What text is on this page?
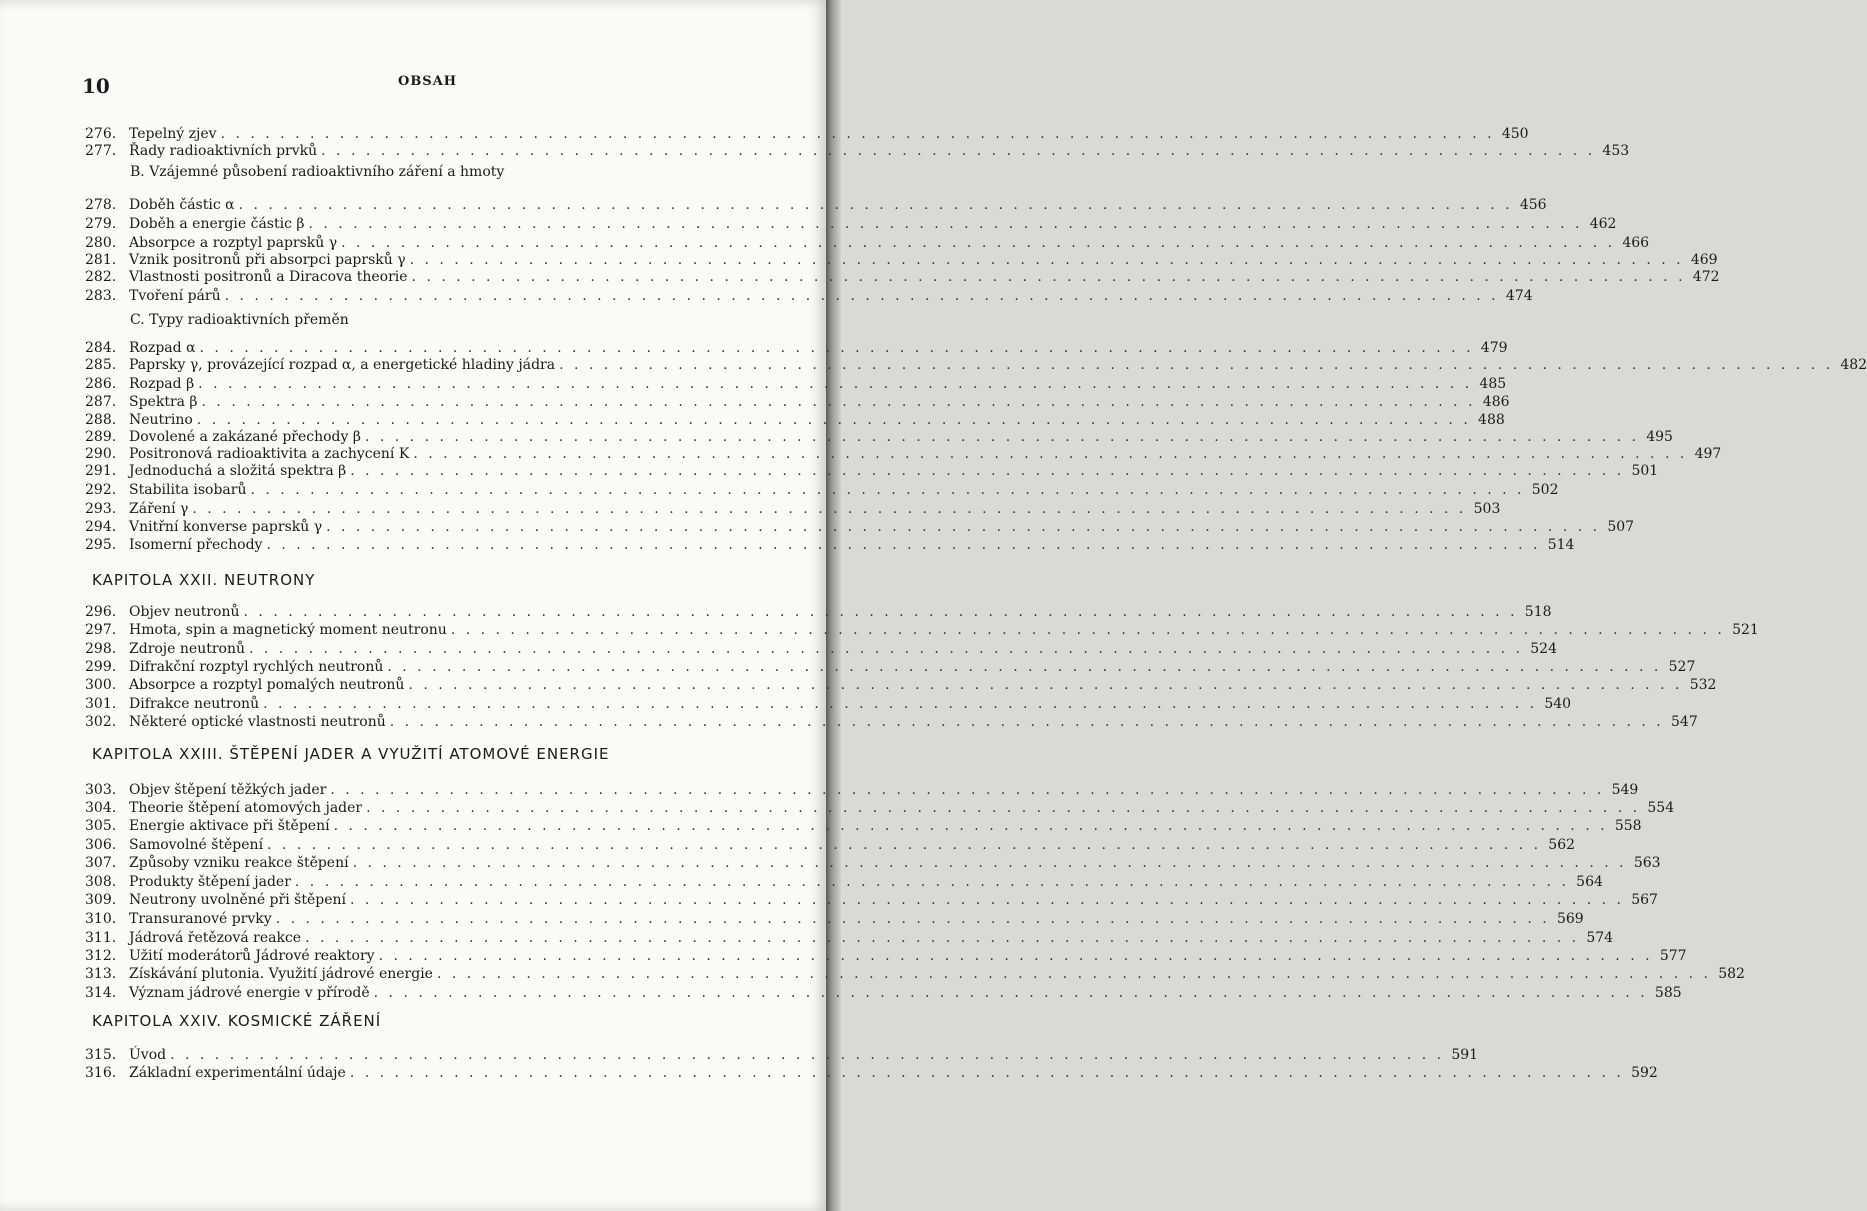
10	OBSAH
276. Tepelný zjev . . . . . . . . . . . . . . . . . . . . . . . . . . . . . . . . . . . . . . . . . . . . . . . . . . . . . . . . . . . . . . . . . . . . . . . . . . . . . . . . . . . . . . 450
277. Řady radioaktivních prvků . . . . . . . . . . . . . . . . . . . . . . . . . . . . . . . . . . . . . . . . . . . . . . . . . . . . . . . . . . . . . . . . . . . . . . . . . . . . . . . . . . . . . . 453
B. Vzájemné působení radioaktivního záření a hmoty
278. Doběh částic α . . . . . . . . . . . . . . . . . . . . . . . . . . . . . . . . . . . . . . . . . . . . . . . . . . . . . . . . . . . . . . . . . . . . . . . . . . . . . . . . . . . . . . 456
279. Doběh a energie částic β . . . . . . . . . . . . . . . . . . . . . . . . . . . . . . . . . . . . . . . . . . . . . . . . . . . . . . . . . . . . . . . . . . . . . . . . . . . . . . . . . . . . . . 462
280. Absorpce a rozptyl paprsků γ . . . . . . . . . . . . . . . . . . . . . . . . . . . . . . . . . . . . . . . . . . . . . . . . . . . . . . . . . . . . . . . . . . . . . . . . . . . . . . . . . . . . . . 466
281. Vznik positronů při absorpci paprsků γ . . . . . . . . . . . . . . . . . . . . . . . . . . . . . . . . . . . . . . . . . . . . . . . . . . . . . . . . . . . . . . . . . . . . . . . . . . . . . . . . . . . . . . 469
282. Vlastnosti positronů a Diracova theorie . . . . . . . . . . . . . . . . . . . . . . . . . . . . . . . . . . . . . . . . . . . . . . . . . . . . . . . . . . . . . . . . . . . . . . . . . . . . . . . . . . . . . . 472
283. Tvoření párů . . . . . . . . . . . . . . . . . . . . . . . . . . . . . . . . . . . . . . . . . . . . . . . . . . . . . . . . . . . . . . . . . . . . . . . . . . . . . . . . . . . . . . 474
C. Typy radioaktivních přeměn
284. Rozpad α . . . . . . . . . . . . . . . . . . . . . . . . . . . . . . . . . . . . . . . . . . . . . . . . . . . . . . . . . . . . . . . . . . . . . . . . . . . . . . . . . . . . . . 479
285. Paprsky γ, provázející rozpad α, a energetické hladiny jádra . . . . . . . . . . . . . . . . . . . . . . . . . . . . . . . . . . . . . . . . . . . . . . . . . . . . . . . . . . . . . . . . . . . . . . . . . . . . . . . . . . . . . . 482
286. Rozpad β . . . . . . . . . . . . . . . . . . . . . . . . . . . . . . . . . . . . . . . . . . . . . . . . . . . . . . . . . . . . . . . . . . . . . . . . . . . . . . . . . . . . . . 485
287. Spektra β . . . . . . . . . . . . . . . . . . . . . . . . . . . . . . . . . . . . . . . . . . . . . . . . . . . . . . . . . . . . . . . . . . . . . . . . . . . . . . . . . . . . . . 486
288. Neutrino . . . . . . . . . . . . . . . . . . . . . . . . . . . . . . . . . . . . . . . . . . . . . . . . . . . . . . . . . . . . . . . . . . . . . . . . . . . . . . . . . . . . . . 488
289. Dovolené a zakázané přechody β . . . . . . . . . . . . . . . . . . . . . . . . . . . . . . . . . . . . . . . . . . . . . . . . . . . . . . . . . . . . . . . . . . . . . . . . . . . . . . . . . . . . . . 495
290. Positronová radioaktivita a zachycení K . . . . . . . . . . . . . . . . . . . . . . . . . . . . . . . . . . . . . . . . . . . . . . . . . . . . . . . . . . . . . . . . . . . . . . . . . . . . . . . . . . . . . . 497
291. Jednoduchá a složitá spektra β . . . . . . . . . . . . . . . . . . . . . . . . . . . . . . . . . . . . . . . . . . . . . . . . . . . . . . . . . . . . . . . . . . . . . . . . . . . . . . . . . . . . . . 501
292. Stabilita isobarů . . . . . . . . . . . . . . . . . . . . . . . . . . . . . . . . . . . . . . . . . . . . . . . . . . . . . . . . . . . . . . . . . . . . . . . . . . . . . . . . . . . . . . 502
293. Záření γ . . . . . . . . . . . . . . . . . . . . . . . . . . . . . . . . . . . . . . . . . . . . . . . . . . . . . . . . . . . . . . . . . . . . . . . . . . . . . . . . . . . . . . 503
294. Vnitřní konverse paprsků γ . . . . . . . . . . . . . . . . . . . . . . . . . . . . . . . . . . . . . . . . . . . . . . . . . . . . . . . . . . . . . . . . . . . . . . . . . . . . . . . . . . . . . . 507
295. Isomerní přechody . . . . . . . . . . . . . . . . . . . . . . . . . . . . . . . . . . . . . . . . . . . . . . . . . . . . . . . . . . . . . . . . . . . . . . . . . . . . . . . . . . . . . . 514
KAPITOLA XXII. NEUTRONY
296. Objev neutronů . . . . . . . . . . . . . . . . . . . . . . . . . . . . . . . . . . . . . . . . . . . . . . . . . . . . . . . . . . . . . . . . . . . . . . . . . . . . . . . . . . . . . . 518
297. Hmota, spin a magnetický moment neutronu . . . . . . . . . . . . . . . . . . . . . . . . . . . . . . . . . . . . . . . . . . . . . . . . . . . . . . . . . . . . . . . . . . . . . . . . . . . . . . . . . . . . . . 521
298. Zdroje neutronů . . . . . . . . . . . . . . . . . . . . . . . . . . . . . . . . . . . . . . . . . . . . . . . . . . . . . . . . . . . . . . . . . . . . . . . . . . . . . . . . . . . . . . 524
299. Difrakční rozptyl rychlých neutronů . . . . . . . . . . . . . . . . . . . . . . . . . . . . . . . . . . . . . . . . . . . . . . . . . . . . . . . . . . . . . . . . . . . . . . . . . . . . . . . . . . . . . . 527
300. Absorpce a rozptyl pomalých neutronů . . . . . . . . . . . . . . . . . . . . . . . . . . . . . . . . . . . . . . . . . . . . . . . . . . . . . . . . . . . . . . . . . . . . . . . . . . . . . . . . . . . . . . 532
301. Difrakce neutronů . . . . . . . . . . . . . . . . . . . . . . . . . . . . . . . . . . . . . . . . . . . . . . . . . . . . . . . . . . . . . . . . . . . . . . . . . . . . . . . . . . . . . . 540
302. Některé optické vlastnosti neutronů . . . . . . . . . . . . . . . . . . . . . . . . . . . . . . . . . . . . . . . . . . . . . . . . . . . . . . . . . . . . . . . . . . . . . . . . . . . . . . . . . . . . . . 547
KAPITOLA XXIII. ŠTĚPENÍ JADER A VYUŽITÍ ATOMOVÉ ENERGIE
303. Objev štěpení těžkých jader . . . . . . . . . . . . . . . . . . . . . . . . . . . . . . . . . . . . . . . . . . . . . . . . . . . . . . . . . . . . . . . . . . . . . . . . . . . . . . . . . . . . . . 549
304. Theorie štěpení atomových jader . . . . . . . . . . . . . . . . . . . . . . . . . . . . . . . . . . . . . . . . . . . . . . . . . . . . . . . . . . . . . . . . . . . . . . . . . . . . . . . . . . . . . . 554
305. Energie aktivace při štěpení . . . . . . . . . . . . . . . . . . . . . . . . . . . . . . . . . . . . . . . . . . . . . . . . . . . . . . . . . . . . . . . . . . . . . . . . . . . . . . . . . . . . . . 558
306. Samovolné štěpení . . . . . . . . . . . . . . . . . . . . . . . . . . . . . . . . . . . . . . . . . . . . . . . . . . . . . . . . . . . . . . . . . . . . . . . . . . . . . . . . . . . . . . 562
307. Způsoby vzniku reakce štěpení . . . . . . . . . . . . . . . . . . . . . . . . . . . . . . . . . . . . . . . . . . . . . . . . . . . . . . . . . . . . . . . . . . . . . . . . . . . . . . . . . . . . . . 563
308. Produkty štěpení jader . . . . . . . . . . . . . . . . . . . . . . . . . . . . . . . . . . . . . . . . . . . . . . . . . . . . . . . . . . . . . . . . . . . . . . . . . . . . . . . . . . . . . . 564
309. Neutrony uvolněné při štěpení . . . . . . . . . . . . . . . . . . . . . . . . . . . . . . . . . . . . . . . . . . . . . . . . . . . . . . . . . . . . . . . . . . . . . . . . . . . . . . . . . . . . . . 567
310. Transuranové prvky . . . . . . . . . . . . . . . . . . . . . . . . . . . . . . . . . . . . . . . . . . . . . . . . . . . . . . . . . . . . . . . . . . . . . . . . . . . . . . . . . . . . . . 569
311. Jádrová řetězová reakce . . . . . . . . . . . . . . . . . . . . . . . . . . . . . . . . . . . . . . . . . . . . . . . . . . . . . . . . . . . . . . . . . . . . . . . . . . . . . . . . . . . . . . 574
312. Užití moderátorů Jádrové reaktory . . . . . . . . . . . . . . . . . . . . . . . . . . . . . . . . . . . . . . . . . . . . . . . . . . . . . . . . . . . . . . . . . . . . . . . . . . . . . . . . . . . . . . 577
313. Získávání plutonia. Využití jádrové energie . . . . . . . . . . . . . . . . . . . . . . . . . . . . . . . . . . . . . . . . . . . . . . . . . . . . . . . . . . . . . . . . . . . . . . . . . . . . . . . . . . . . . . 582
314. Význam jádrové energie v přírodě . . . . . . . . . . . . . . . . . . . . . . . . . . . . . . . . . . . . . . . . . . . . . . . . . . . . . . . . . . . . . . . . . . . . . . . . . . . . . . . . . . . . . . 585
KAPITOLA XXIV. KOSMICKÉ ZÁŘENÍ
315. Úvod . . . . . . . . . . . . . . . . . . . . . . . . . . . . . . . . . . . . . . . . . . . . . . . . . . . . . . . . . . . . . . . . . . . . . . . . . . . . . . . . . . . . . . 591
316. Základní experimentální údaje . . . . . . . . . . . . . . . . . . . . . . . . . . . . . . . . . . . . . . . . . . . . . . . . . . . . . . . . . . . . . . . . . . . . . . . . . . . . . . . . . . . . . . 592
